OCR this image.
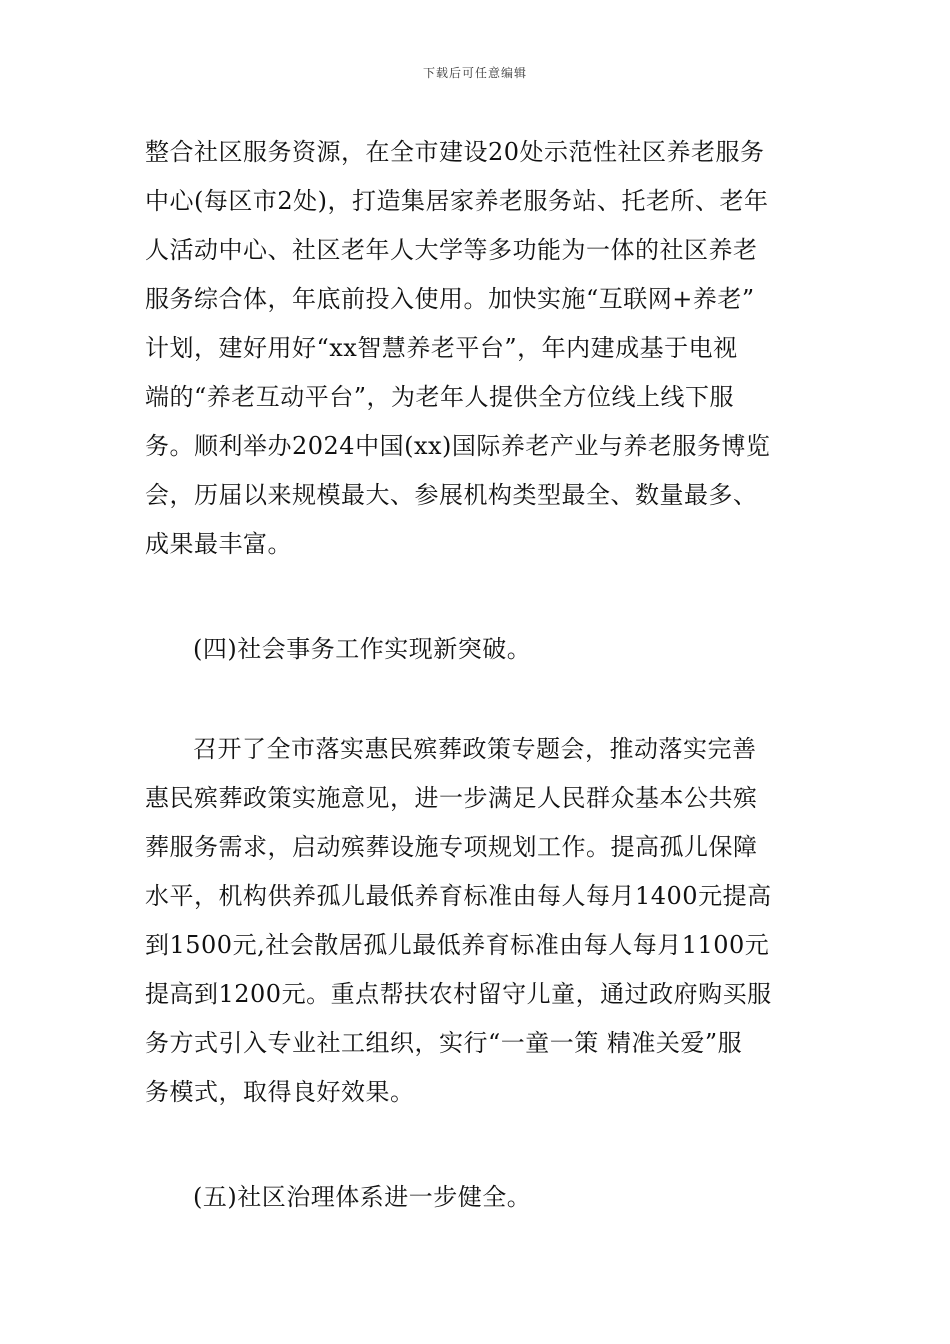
下载后可任意编辑
整合社区服务资源，在全市建设20处示范性社区养老服务
中心(每区市2处)，打造集居家养老服务站、托老所、老年
人活动中心、社区老年人大学等多功能为一体的社区养老
服务综合体，年底前投入使用。加快实施“互联网+养老”
计划，建好用好“xx智慧养老平台”，年内建成基于电视
端的“养老互动平台”，为老年人提供全方位线上线下服
务。顺利举办2024中国(xx)国际养老产业与养老服务博览
会，历届以来规模最大、参展机构类型最全、数量最多、
成果最丰富。
(四)社会事务工作实现新突破。
召开了全市落实惠民殡葬政策专题会，推动落实完善
惠民殡葬政策实施意见，进一步满足人民群众基本公共殡
葬服务需求，启动殡葬设施专项规划工作。提高孤儿保障
水平，机构供养孤儿最低养育标准由每人每月1400元提高
到1500元,社会散居孤儿最低养育标准由每人每月1100元
提高到1200元。重点帮扶农村留守儿童，通过政府购买服
务方式引入专业社工组织，实行“一童一策 精准关爱”服
务模式，取得良好效果。
(五)社区治理体系进一步健全。
